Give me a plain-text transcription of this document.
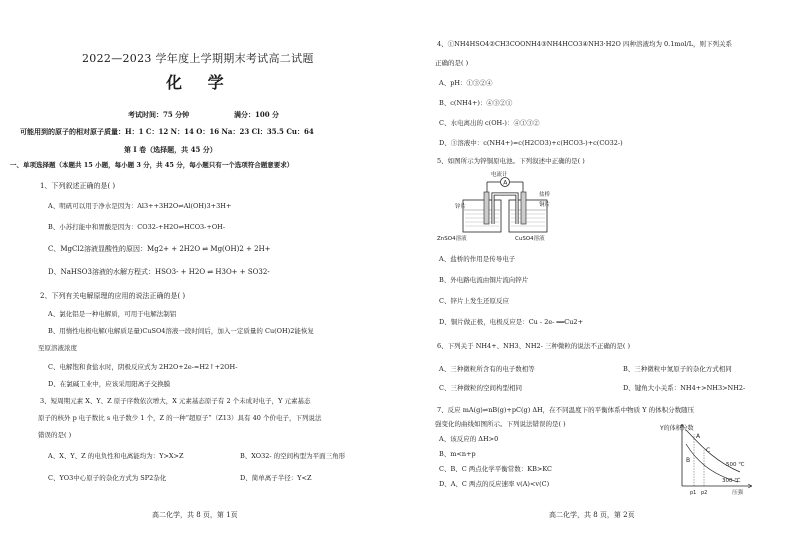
2022—2023 学年度上学期期末考试高二试题
化 学
考试时间：75 分钟	满分：100 分
可能用到的原子的相对原子质量：H：1 C：12 N：14 O：16 Na：23 Cl：35.5 Cu：64
第 I 卷（选择题，共 45 分）
一、单项选择题（本题共 15 小题，每小题 3 分，共 45 分，每小题只有一个选项符合题意要求）
1、下列叙述正确的是( )
A、明矾可以用于净水是因为：Al3++3H2O⇌Al(OH)3+3H+
B、小苏打能中和胃酸是因为：CO32-+H2O⇌HCO3-+OH-
C、MgCl2溶液显酸性的原因：Mg2+ + 2H2O ⇌ Mg(OH)2 + 2H+
D、NaHSO3溶液的水解方程式：HSO3- + H2O ⇌ H3O+ + SO32-
2、下列有关电解原理的应用的说法正确的是( )
A、氯化铝是一种电解质，可用于电解法制铝
B、用惰性电极电解(电解质足量)CuSO4溶液一段时间后，加入一定质量的 Cu(OH)2能恢复
至原溶液浓度
C、电解饱和食盐水时，阴极反应式为 2H2O+2e-=H2↑+2OH-
D、在氯碱工业中，应该采用阳离子交换膜
3、短周期元素 X、Y、Z 原子序数依次增大，X 元素基态原子有 2 个未成对电子，Y 元素基态
原子的核外 p 电子数比 s 电子数少 1 个，Z 的一种“超原子”（Z13）具有 40 个价电子，下列说法
错误的是( )
A、X、Y、Z 的电负性和电离能均为：Y>X>Z	B、XO32- 的空间构型为平面三角形
C、YO3中心原子的杂化方式为 SP2杂化	D、简单离子半径：Y<Z
高二化学，共 8 页，第 1页
4、①NH4HSO4②CH3COONH4③NH4HCO3④NH3·H2O 四种溶液均为 0.1mol/L，则下列关系
正确的是( )
A、pH：①③②④
B、c(NH4+)：④③②①
C、水电离出的 c(OH-)：④①③②
D、③溶液中：c(NH4+)=c(H2CO3)+c(HCO3-)+c(CO32-)
5、如图所示为锌铜原电池。下列叙述中正确的是( )
A
电流计
盐桥
铜片
锌片
ZnSO4溶液	CuSO4溶液
A、盐桥的作用是传导电子
B、外电路电流由铜片流向锌片
C、锌片上发生还原反应
D、铜片做正极，电极反应是：Cu - 2e- ══Cu2+
6、下列关于 NH4+、NH3、NH2- 三种微粒的说法不正确的是( )
A、三种微粒所含有的电子数相等	B、三种微粒中氮原子的杂化方式相同
C、三种微粒的空间构型相同	D、键角大小关系：NH4+>NH3>NH2-
7、反应 mA(g)⇌nB(g)+pC(g) ΔH，在不同温度下的平衡体系中物质 Y 的体积分数随压
强变化的曲线如图所示。下列说法错误的是( )
A、该反应的 ΔH>0
B、m<n+p
C、B、C 两点化学平衡常数：KB>KC
D、A、C 两点的反应速率 v(A)<v(C)
Y的体积分数
A
B
C
500 ℃
300 ℃
p1 p2	压强
高二化学，共 8 页，第 2页
